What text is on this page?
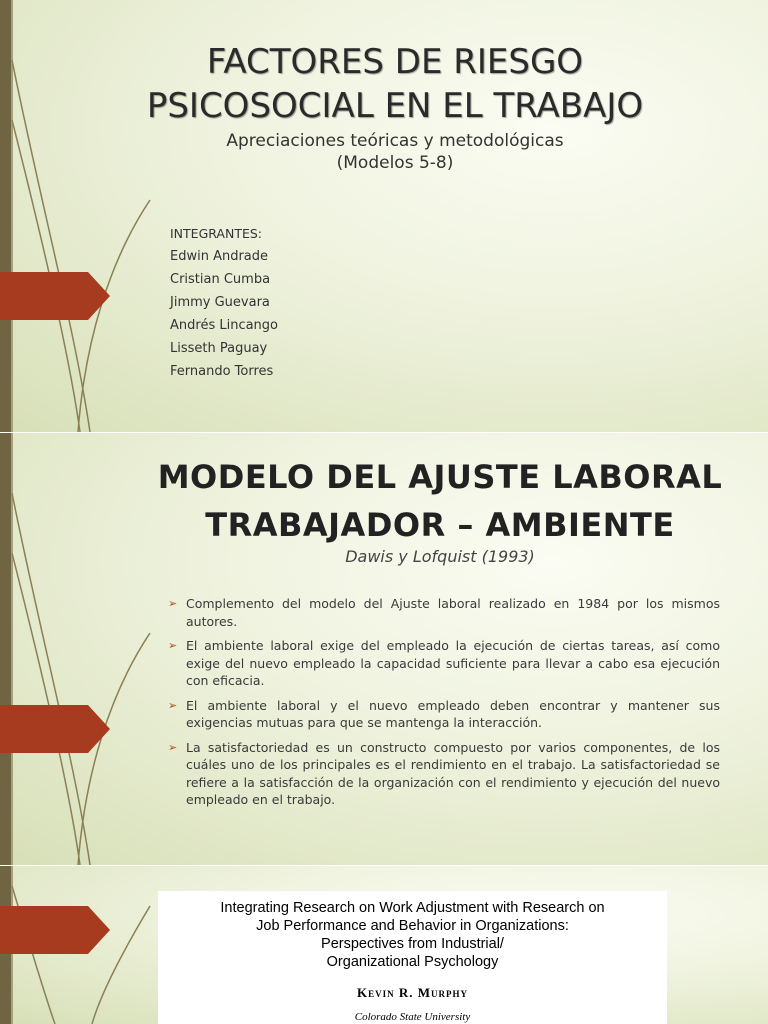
FACTORES DE RIESGO
PSICOSOCIAL EN EL TRABAJO
Apreciaciones teóricas y metodológicas
(Modelos 5-8)
INTEGRANTES:
Edwin Andrade
Cristian Cumba
Jimmy Guevara
Andrés Lincango
Lisseth Paguay
Fernando Torres
MODELO DEL AJUSTE LABORAL
TRABAJADOR – AMBIENTE
Dawis y Lofquist (1993)
➢ Complemento del modelo del Ajuste laboral realizado en 1984 por los mismos autores.
➢ El ambiente laboral exige del empleado la ejecución de ciertas tareas, así como exige del nuevo empleado la capacidad suficiente para llevar a cabo esa ejecución con eficacia.
➢ El ambiente laboral y el nuevo empleado deben encontrar y mantener sus exigencias mutuas para que se mantenga la interacción.
➢ La satisfactoriedad es un constructo compuesto por varios componentes, de los cuáles uno de los principales es el rendimiento en el trabajo. La satisfactoriedad se refiere a la satisfacción de la organización con el rendimiento y ejecución del nuevo empleado en el trabajo.
Integrating Research on Work Adjustment with Research on
Job Performance and Behavior in Organizations:
Perspectives from Industrial/
Organizational Psychology
Kevin R. Murphy
Colorado State University
